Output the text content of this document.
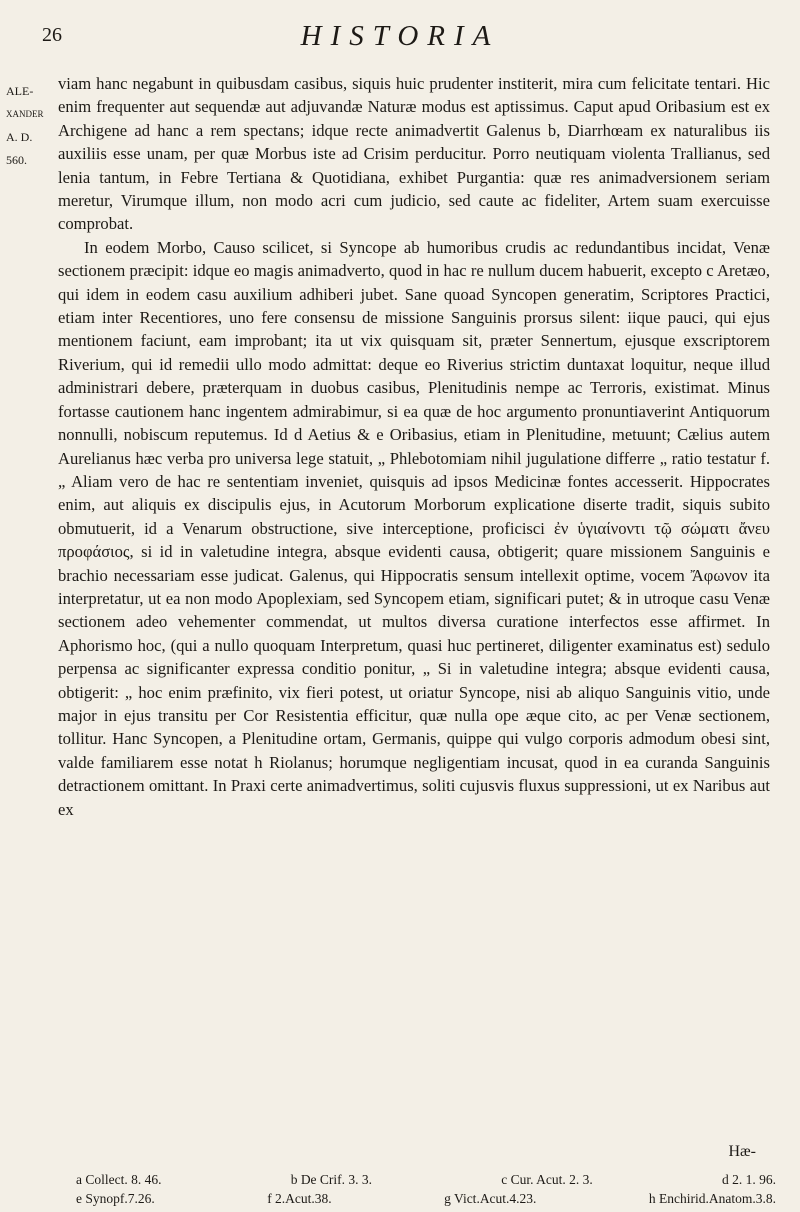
26	HISTORIA
ALE-
XANDER
A. D.
560.

viam hanc negabunt in quibusdam casibus, siquis huic prudenter institerit, mira cum felicitate tentari. Hic enim frequenter aut sequendæ aut adjuvandæ Naturæ modus est aptissimus. Caput apud Oribasium est ex Archigene ad hanc a rem spectans; idque recte animadvertit Galenus b, Diarrhœam ex naturalibus iis auxiliis esse unam, per quæ Morbus iste ad Crisim perducitur. Porro neutiquam violenta Trallianus, sed lenia tantum, in Febre Tertiana & Quotidiana, exhibet Purgantia: quæ res animadversionem seriam meretur, Virumque illum, non modo acri cum judicio, sed caute ac fideliter, Artem suam exercuisse comprobat.

In eodem Morbo, Causo scilicet, si Syncope ab humoribus crudis ac redundantibus incidat, Venæ sectionem præcipit: idque eo magis animadverto, quod in hac re nullum ducem habuerit, excepto c Aretæo, qui idem in eodem casu auxilium adhiberi jubet. Sane quoad Syncopen generatim, Scriptores Practici, etiam inter Recentiores, uno fere consensu de missione Sanguinis prorsus silent: iique pauci, qui ejus mentionem faciunt, eam improbant; ita ut vix quisquam sit, præter Sennertum, ejusque exscriptorem Riverium, qui id remedii ullo modo admittat: deque eo Riverius strictim duntaxat loquitur, neque illud administrari debere, præterquam in duobus casibus, Plenitudinis nempe ac Terroris, existimat. Minus fortasse cautionem hanc ingentem admirabimur, si ea quæ de hoc argumento pronuntiaverint Antiquorum nonnulli, nobiscum reputemus. Id d Aetius & e Oribasius, etiam in Plenitudine, metuunt; Cælius autem Aurelianus hæc verba pro universa lege statuit, „ Phlebotomiam nihil jugulatione differre „ ratio testatur f. „ Aliam vero de hac re sententiam inveniet, quisquis ad ipsos Medicinæ fontes accesserit. Hippocrates enim, aut aliquis ex discipulis ejus, in Acutorum Morborum explicatione diserte tradit, siquis subito obmutuerit, id a Venarum obstructione, sive interceptione, proficisci ἐν ὑγιαίνοντι τῷ σώματι ἄνευ προφάσιος, si id in valetudine integra, absque evidenti causa, obtigerit; quare missionem Sanguinis e brachio necessariam esse judicat. Galenus, qui Hippocratis sensum intellexit optime, vocem Ἄφωνον ita interpretatur, ut ea non modo Apoplexiam, sed Syncopem etiam, significari putet; & in utroque casu Venæ sectionem adeo vehementer commendat, ut multos diversa curatione interfectos esse affirmet. In Aphorismo hoc, (qui a nullo quoquam Interpretum, quasi huc pertineret, diligenter examinatus est) sedulo perpensa ac significanter expressa conditio ponitur, „ Si in valetudine integra; absque evidenti causa, obtigerit: „ hoc enim præfinito, vix fieri potest, ut oriatur Syncope, nisi ab aliquo Sanguinis vitio, unde major in ejus transitu per Cor Resistentia efficitur, quæ nulla ope æque cito, ac per Venæ sectionem, tollitur. Hanc Syncopen, a Plenitudine ortam, Germanis, quippe qui vulgo corporis admodum obesi sint, valde familiarem esse notat h Riolanus; horumque negligentiam incusat, quod in ea curanda Sanguinis detractionem omittant. In Praxi certe animadvertimus, soliti cujusvis fluxus suppressioni, ut ex Naribus aut ex

Hæ-
a Collect. 8. 46.	b De Crif. 3. 3.	c Cur. Acut. 2. 3.	d 2. 1. 96.
e Synopf.7.26.	f 2.Acut.38.	g Vict.Acut.4.23.	h Enchirid.Anatom.3.8.
